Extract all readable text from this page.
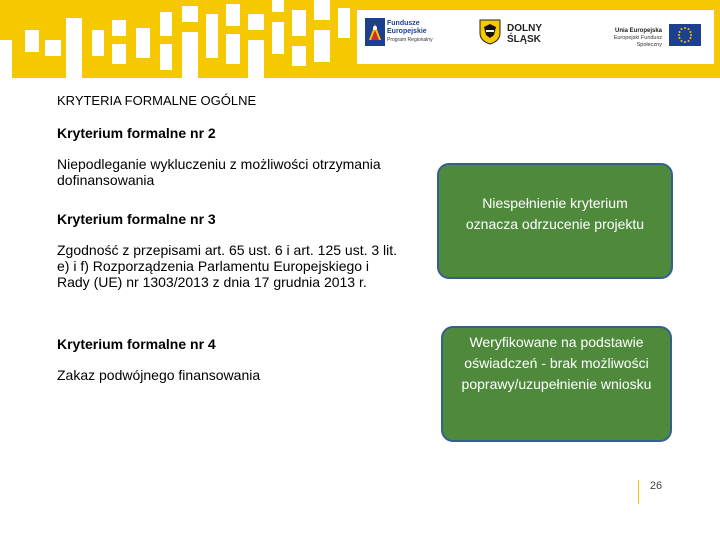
Fundusze
Europejskie
Program Regionalny
DOLNY
ŚLĄSK
Unia Europejska
Europejski Fundusz Społeczny
KRYTERIA FORMALNE OGÓLNE
Kryterium formalne nr 2
Niepodleganie wykluczeniu z możliwości otrzymania dofinansowania
Kryterium formalne nr 3
Zgodność z przepisami art. 65 ust. 6 i art. 125 ust. 3 lit. e) i f) Rozporządzenia Parlamentu Europejskiego i Rady (UE) nr 1303/2013 z dnia 17 grudnia 2013 r.
Kryterium formalne nr 4
Zakaz podwójnego finansowania
Niespełnienie kryterium oznacza odrzucenie projektu
Weryfikowane na podstawie oświadczeń - brak możliwości poprawy/uzupełnienie wniosku
26
